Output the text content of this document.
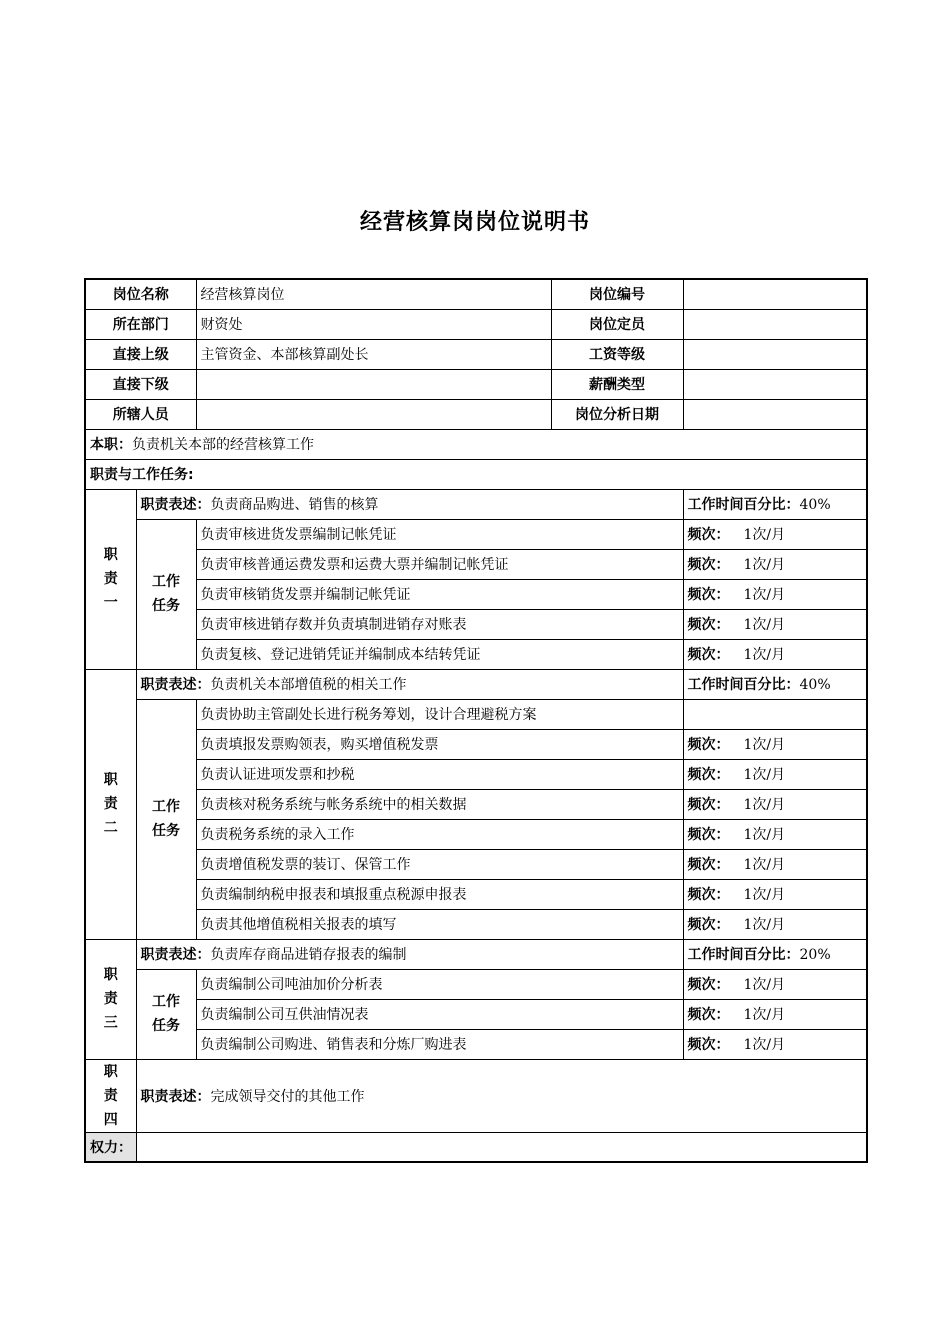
经营核算岗岗位说明书
岗位名称		经营核算岗位	岗位编号	
所在部门		财资处	岗位定员	
直接上级		主管资金、本部核算副处长	工资等级	
直接下级			薪酬类型	
所辖人员			岗位分析日期	
本职：负责机关本部的经营核算工作				
职责与工作任务:				

职
责
一	职责表述：负责商品购进、销售的核算			工作时间百分比：40%

	工作
任务	负责审核进货发票编制记帐凭证		频次： 1次/月
		负责审核普通运费发票和运费大票并编制记帐凭证		频次： 1次/月
		负责审核销货发票并编制记帐凭证		频次： 1次/月
		负责审核进销存数并负责填制进销存对账表		频次： 1次/月
		负责复核、登记进销凭证并编制成本结转凭证		频次： 1次/月

职
责
二	职责表述：负责机关本部增值税的相关工作			工作时间百分比：40%

	工作
任务	负责协助主管副处长进行税务筹划，设计合理避税方案		
		负责填报发票购领表，购买增值税发票		频次： 1次/月
		负责认证进项发票和抄税		频次： 1次/月
		负责核对税务系统与帐务系统中的相关数据		频次： 1次/月
		负责税务系统的录入工作		频次： 1次/月
		负责增值税发票的装订、保管工作		频次： 1次/月
		负责编制纳税申报表和填报重点税源申报表		频次： 1次/月
		负责其他增值税相关报表的填写		频次： 1次/月

职
责
三	职责表述：负责库存商品进销存报表的编制			工作时间百分比：20%

	工作
任务	负责编制公司吨油加价分析表		频次： 1次/月
		负责编制公司互供油情况表		频次： 1次/月
		负责编制公司购进、销售表和分炼厂购进表		频次： 1次/月

职
责
四	职责表述：完成领导交付的其他工作			
权力：				
